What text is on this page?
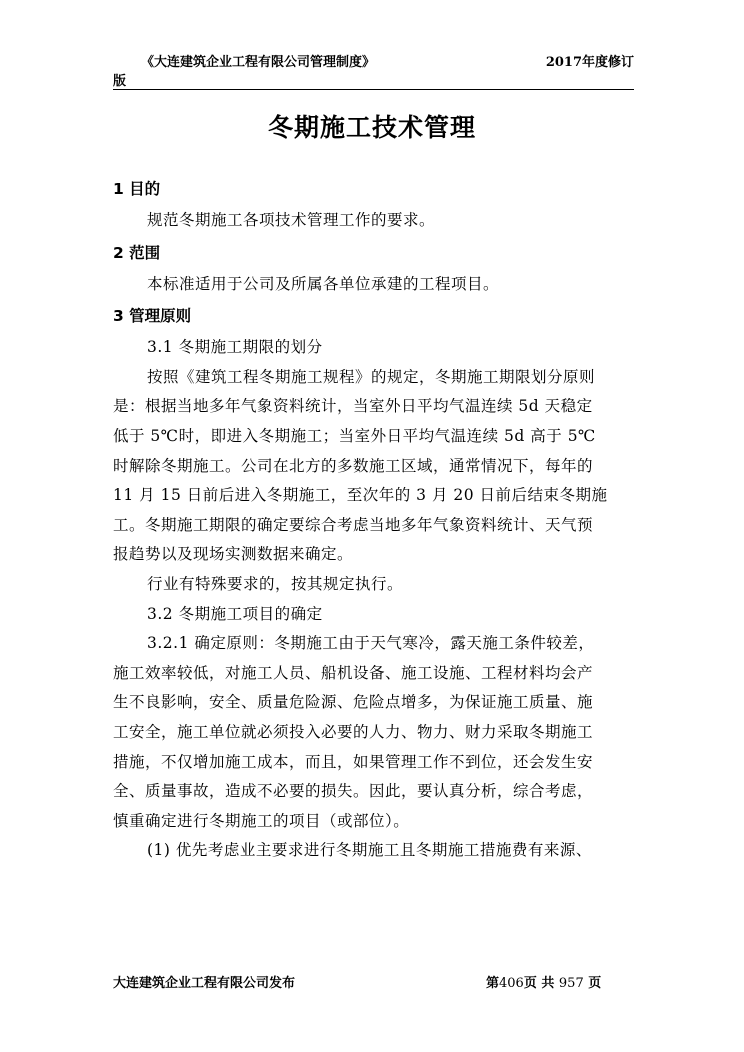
《大连建筑企业工程有限公司管理制度》	2017年度修订
版
冬期施工技术管理
1 目的
规范冬期施工各项技术管理工作的要求。
2 范围
本标准适用于公司及所属各单位承建的工程项目。
3 管理原则
3.1 冬期施工期限的划分
按照《建筑工程冬期施工规程》的规定，冬期施工期限划分原则
是：根据当地多年气象资料统计，当室外日平均气温连续 5d 天稳定
低于 5℃时，即进入冬期施工；当室外日平均气温连续 5d 高于 5℃
时解除冬期施工。公司在北方的多数施工区域，通常情况下，每年的
11 月 15 日前后进入冬期施工，至次年的 3 月 20 日前后结束冬期施
工。冬期施工期限的确定要综合考虑当地多年气象资料统计、天气预
报趋势以及现场实测数据来确定。
行业有特殊要求的，按其规定执行。
3.2 冬期施工项目的确定
3.2.1 确定原则：冬期施工由于天气寒冷，露天施工条件较差，
施工效率较低，对施工人员、船机设备、施工设施、工程材料均会产
生不良影响，安全、质量危险源、危险点增多，为保证施工质量、施
工安全，施工单位就必须投入必要的人力、物力、财力采取冬期施工
措施，不仅增加施工成本，而且，如果管理工作不到位，还会发生安
全、质量事故，造成不必要的损失。因此，要认真分析，综合考虑，
慎重确定进行冬期施工的项目（或部位）。
(1) 优先考虑业主要求进行冬期施工且冬期施工措施费有来源、
大连建筑企业工程有限公司发布	第406页 共 957 页
